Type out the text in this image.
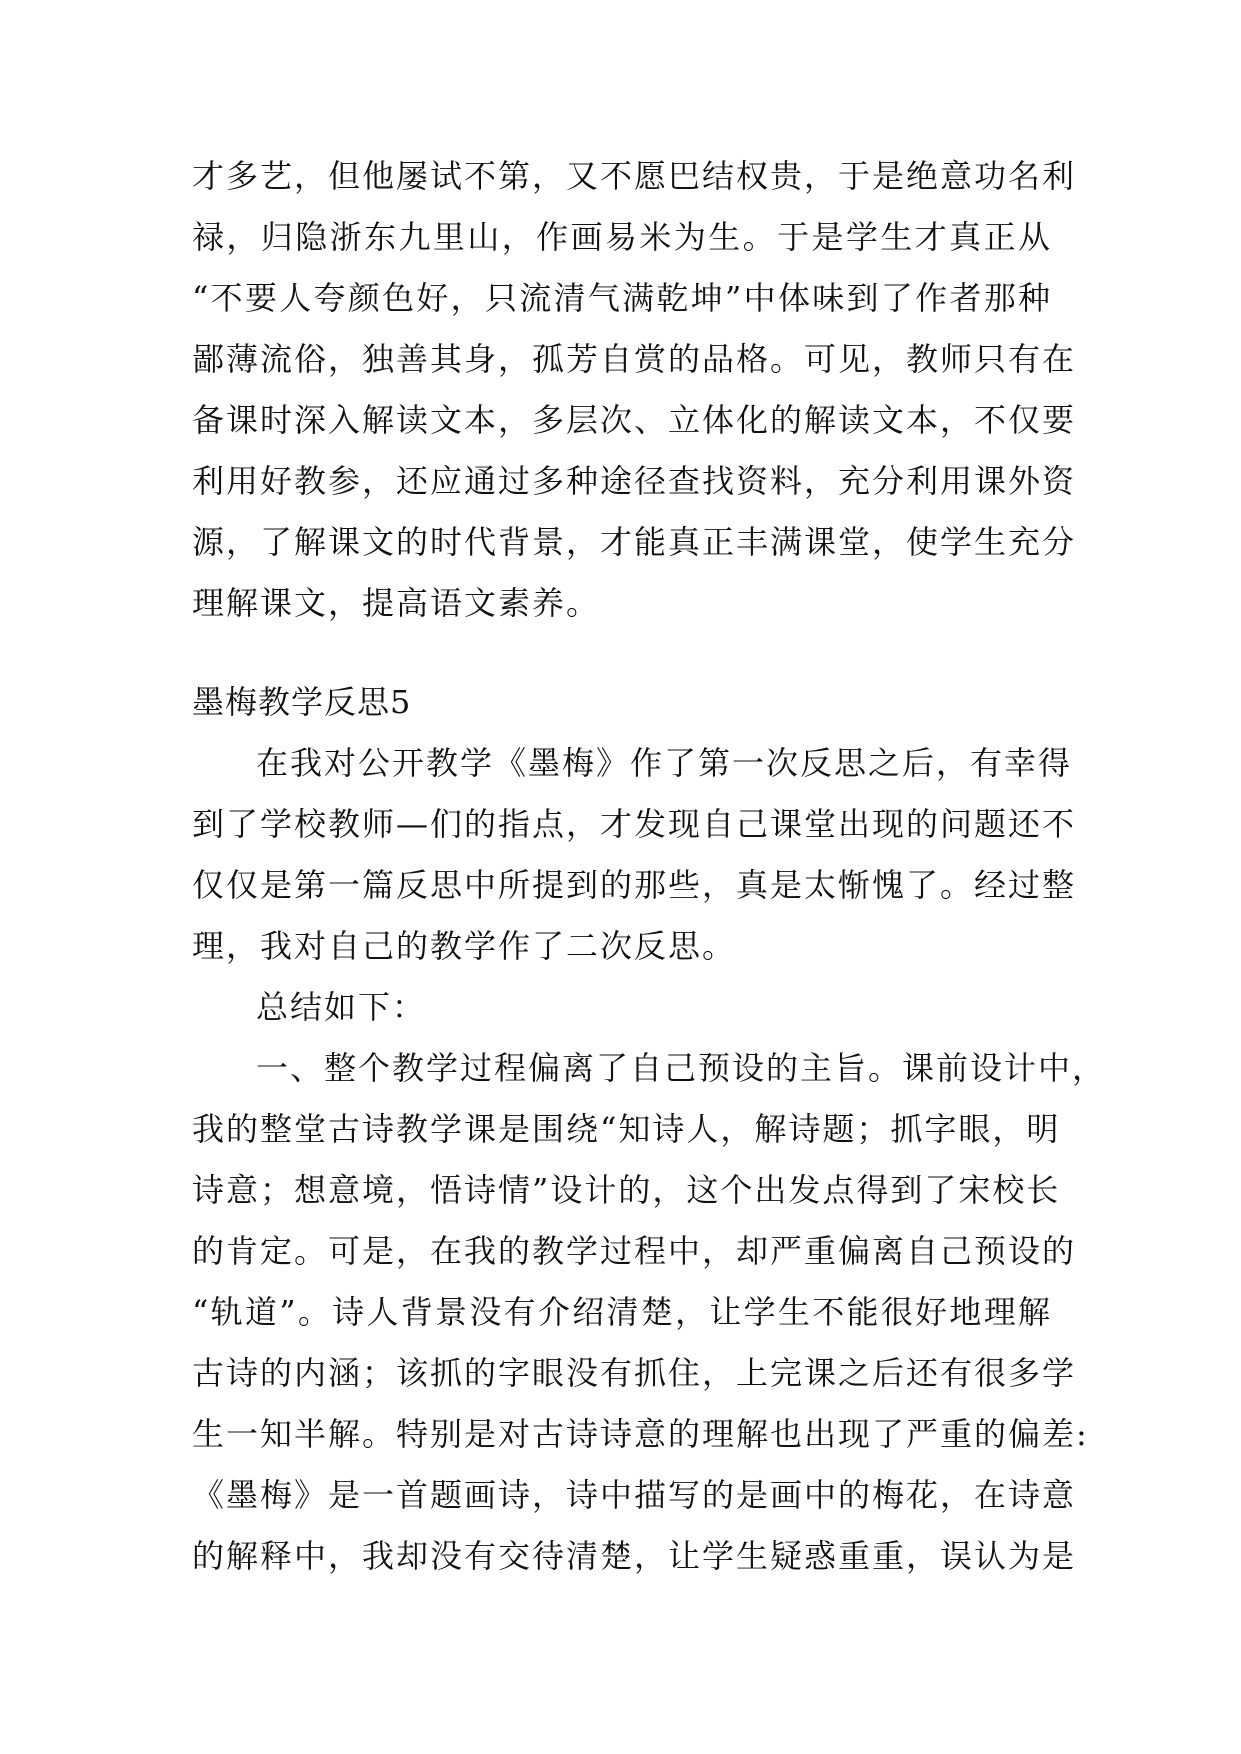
才多艺，但他屡试不第，又不愿巴结权贵，于是绝意功名利
禄，归隐浙东九里山，作画易米为生。于是学生才真正从
“不要人夸颜色好，只流清气满乾坤”中体味到了作者那种
鄙薄流俗，独善其身，孤芳自赏的品格。可见，教师只有在
备课时深入解读文本，多层次、立体化的解读文本，不仅要
利用好教参，还应通过多种途径查找资料，充分利用课外资
源，了解课文的时代背景，才能真正丰满课堂，使学生充分
理解课文，提高语文素养。
墨梅教学反思5
在我对公开教学《墨梅》作了第一次反思之后，有幸得
到了学校教师—们的指点，才发现自己课堂出现的问题还不
仅仅是第一篇反思中所提到的那些，真是太惭愧了。经过整
理，我对自己的教学作了二次反思。
总结如下：
一、整个教学过程偏离了自己预设的主旨。课前设计中，
我的整堂古诗教学课是围绕“知诗人，解诗题；抓字眼，明
诗意；想意境，悟诗情”设计的，这个出发点得到了宋校长
的肯定。可是，在我的教学过程中，却严重偏离自己预设的
“轨道”。诗人背景没有介绍清楚，让学生不能很好地理解
古诗的内涵；该抓的字眼没有抓住，上完课之后还有很多学
生一知半解。特别是对古诗诗意的理解也出现了严重的偏差:
《墨梅》是一首题画诗，诗中描写的是画中的梅花，在诗意
的解释中，我却没有交待清楚，让学生疑惑重重，误认为是
